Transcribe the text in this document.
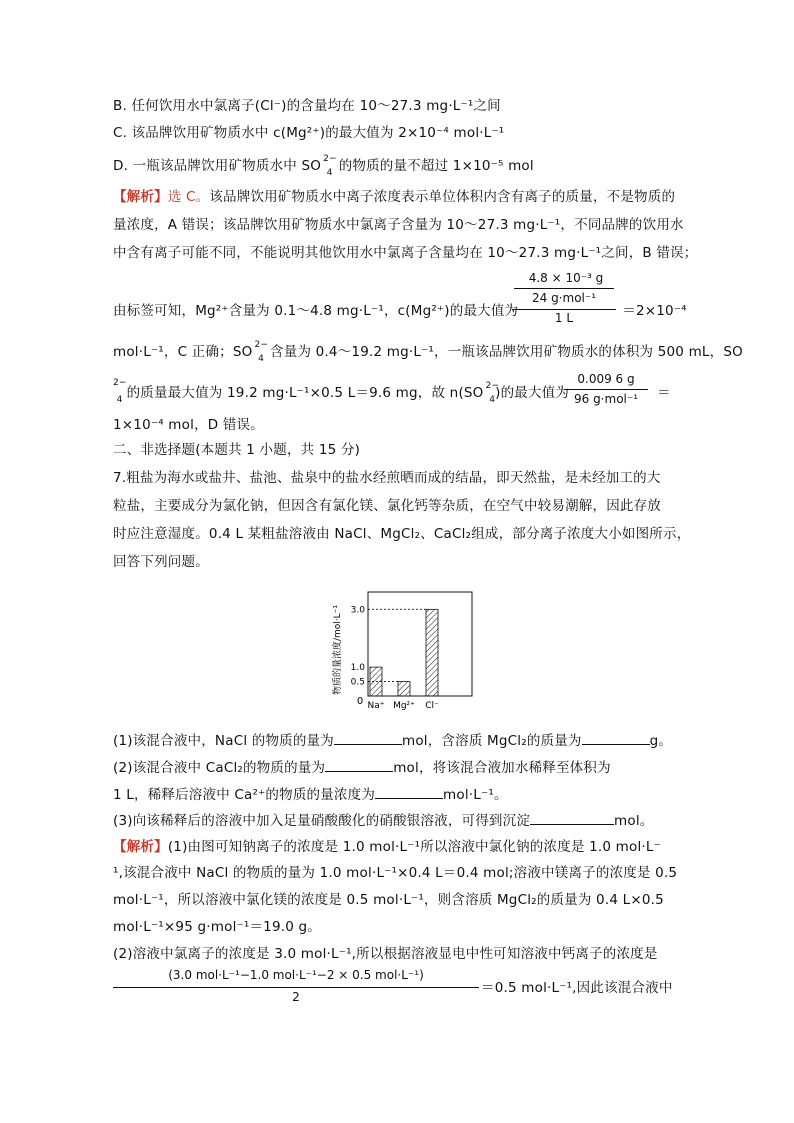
B. 任何饮用水中氯离子(Cl⁻)的含量均在 10～27.3 mg·L⁻¹之间
C. 该品牌饮用矿物质水中 c(Mg²⁺)的最大值为 2×10⁻⁴ mol·L⁻¹
D. 一瓶该品牌饮用矿物质水中 SO $^{2-}_4$ 的物质的量不超过 1×10⁻⁵ mol
【解析】选 C。该品牌饮用矿物质水中离子浓度表示单位体积内含有离子的质量，不是物质的
量浓度，A 错误；该品牌饮用矿物质水中氯离子含量为 10～27.3 mg·L⁻¹，不同品牌的饮用水
中含有离子可能不同，不能说明其他饮用水中氯离子含量均在 10～27.3 mg·L⁻¹之间，B 错误；
4.8 × 10⁻³ g
24 g·mol⁻¹
1 L
由标签可知，Mg²⁺含量为 0.1～4.8 mg·L⁻¹，c(Mg²⁺)的最大值为	＝2×10⁻⁴
mol·L⁻¹，C 正确；SO $^{2-}_4$ 含量为 0.4～19.2 mg·L⁻¹，一瓶该品牌饮用矿物质水的体积为 500 mL，SO
$^{2-}_4$ 的质量最大值为 19.2 mg·L⁻¹×0.5 L＝9.6 mg，故 n(SO $^{2-}_4$)的最大值为	＝
0.009 6 g
96 g·mol⁻¹
1×10⁻⁴ mol，D 错误。
二、非选择题(本题共 1 小题，共 15 分)
7.粗盐为海水或盐井、盐池、盐泉中的盐水经煎晒而成的结晶，即天然盐，是未经加工的大
粒盐，主要成分为氯化钠，但因含有氯化镁、氯化钙等杂质，在空气中较易潮解，因此存放
时应注意湿度。0.4 L 某粗盐溶液由 NaCl、MgCl₂、CaCl₂组成，部分离子浓度大小如图所示，
回答下列问题。
物质的量浓度/mol·L⁻¹ 0.5
1.0
3.0
Na⁺ Mg²⁺ Cl⁻
0
(1)该混合液中，NaCl 的物质的量为	mol，含溶质 MgCl₂的质量为	g。
(2)该混合液中 CaCl₂的物质的量为	mol，将该混合液加水稀释至体积为
1 L，稀释后溶液中 Ca²⁺的物质的量浓度为	mol·L⁻¹。
(3)向该稀释后的溶液中加入足量硝酸酸化的硝酸银溶液，可得到沉淀	mol。
【解析】(1)由图可知钠离子的浓度是 1.0 mol·L⁻¹所以溶液中氯化钠的浓度是 1.0 mol·L⁻
¹,该混合液中 NaCl 的物质的量为 1.0 mol·L⁻¹×0.4 L＝0.4 mol;溶液中镁离子的浓度是 0.5
mol·L⁻¹，所以溶液中氯化镁的浓度是 0.5 mol·L⁻¹，则含溶质 MgCl₂的质量为 0.4 L×0.5
mol·L⁻¹×95 g·mol⁻¹＝19.0 g。
(2)溶液中氯离子的浓度是 3.0 mol·L⁻¹,所以根据溶液显电中性可知溶液中钙离子的浓度是
(3.0 mol·L⁻¹−1.0 mol·L⁻¹−2 × 0.5 mol·L⁻¹)
2
＝0.5 mol·L⁻¹,因此该混合液中
